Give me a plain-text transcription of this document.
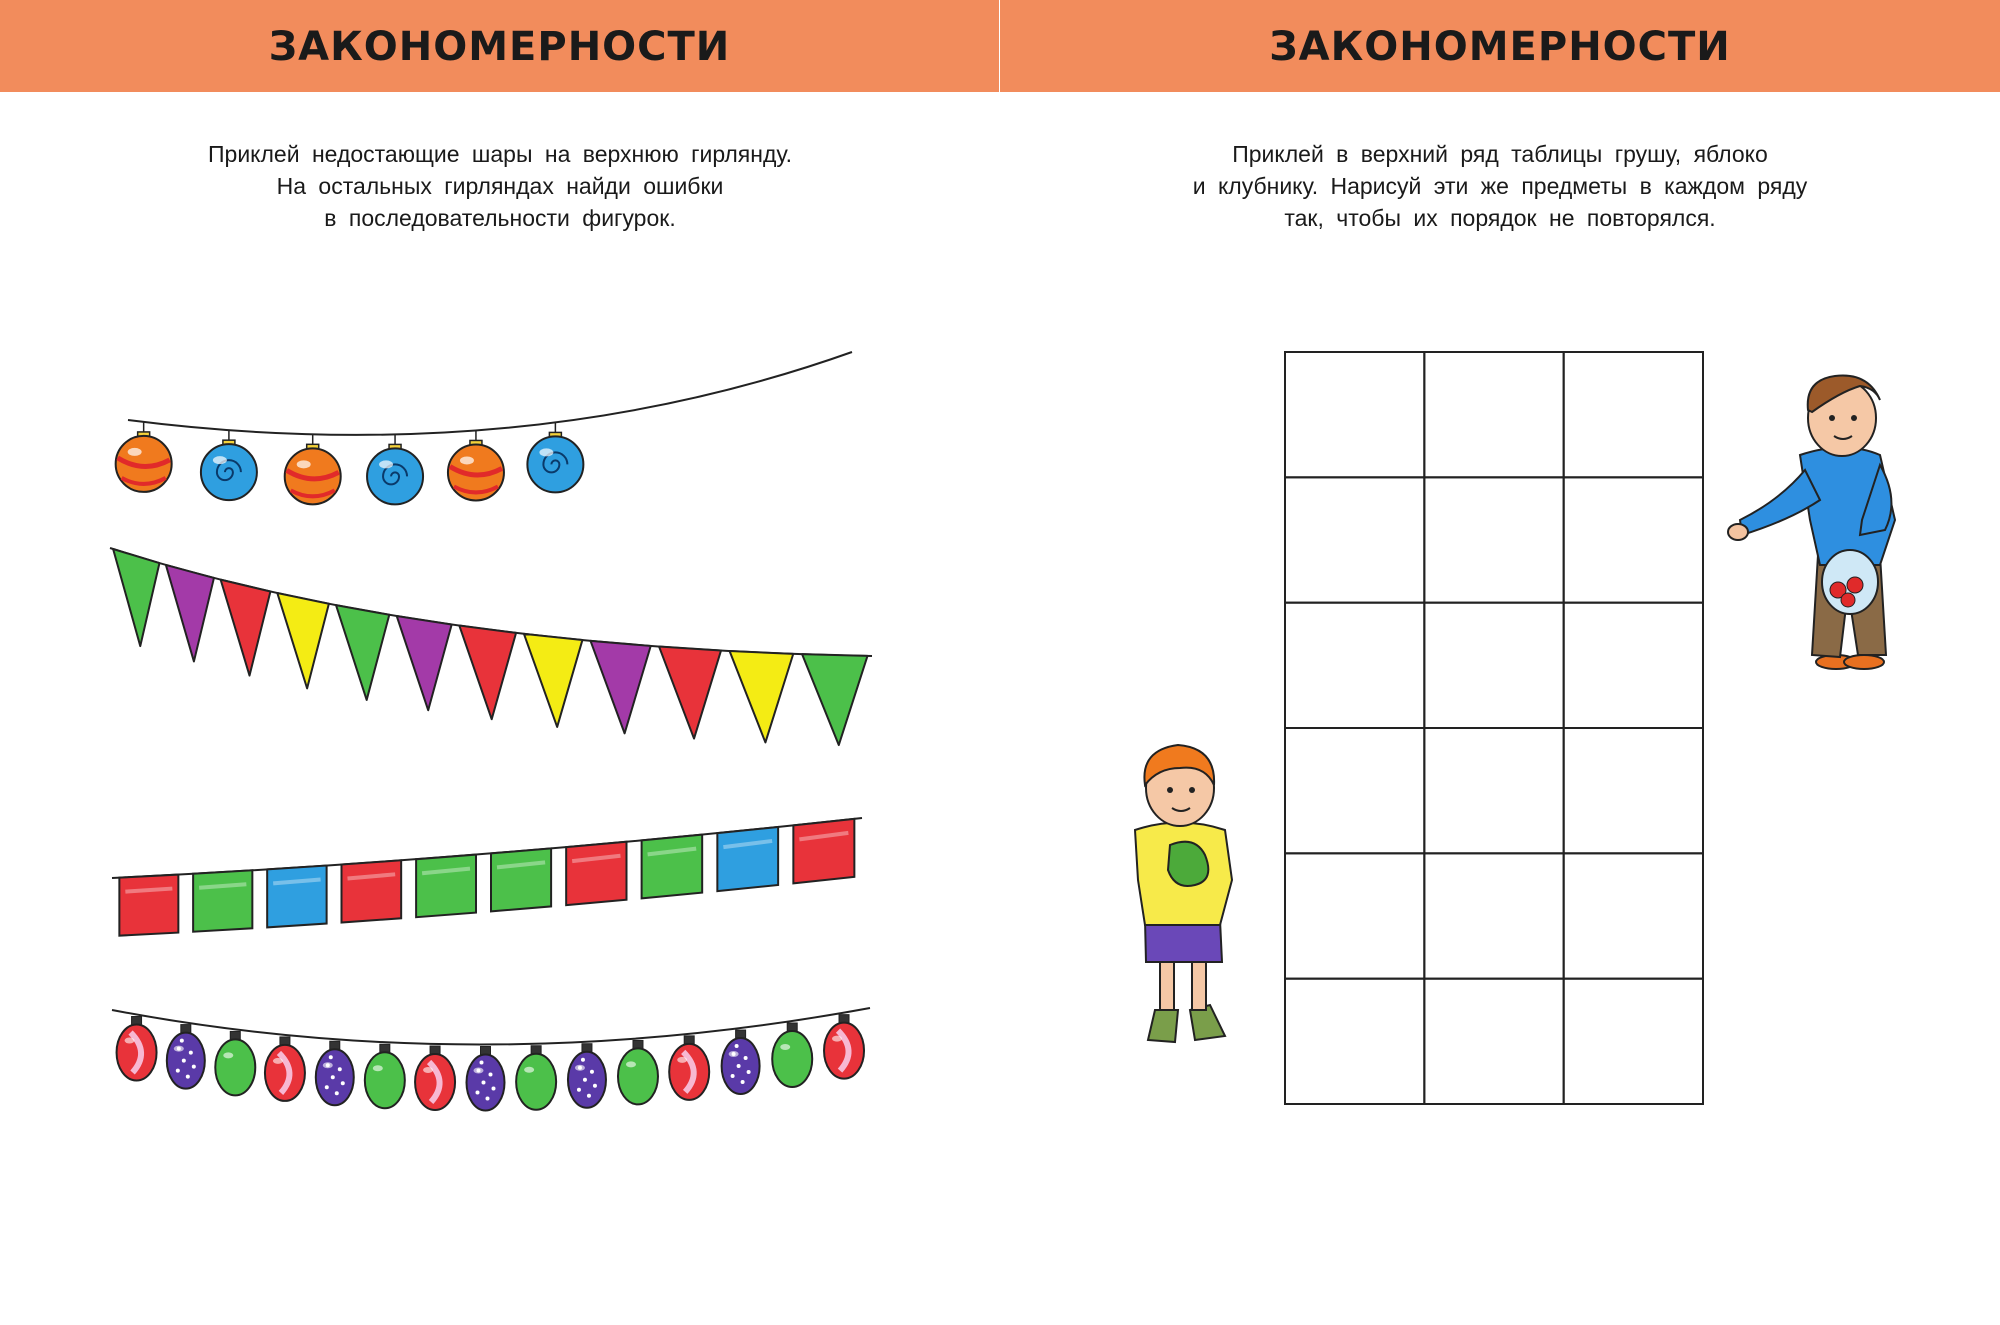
ЗАКОНОМЕРНОСТИ
Приклей недостающие шары на верхнюю гирлянду.
На остальных гирляндах найди ошибки
в последовательности фигурок.
ЗАКОНОМЕРНОСТИ
Приклей в верхний ряд таблицы грушу, яблоко
и клубнику. Нарисуй эти же предметы в каждом ряду
так, чтобы их порядок не повторялся.
